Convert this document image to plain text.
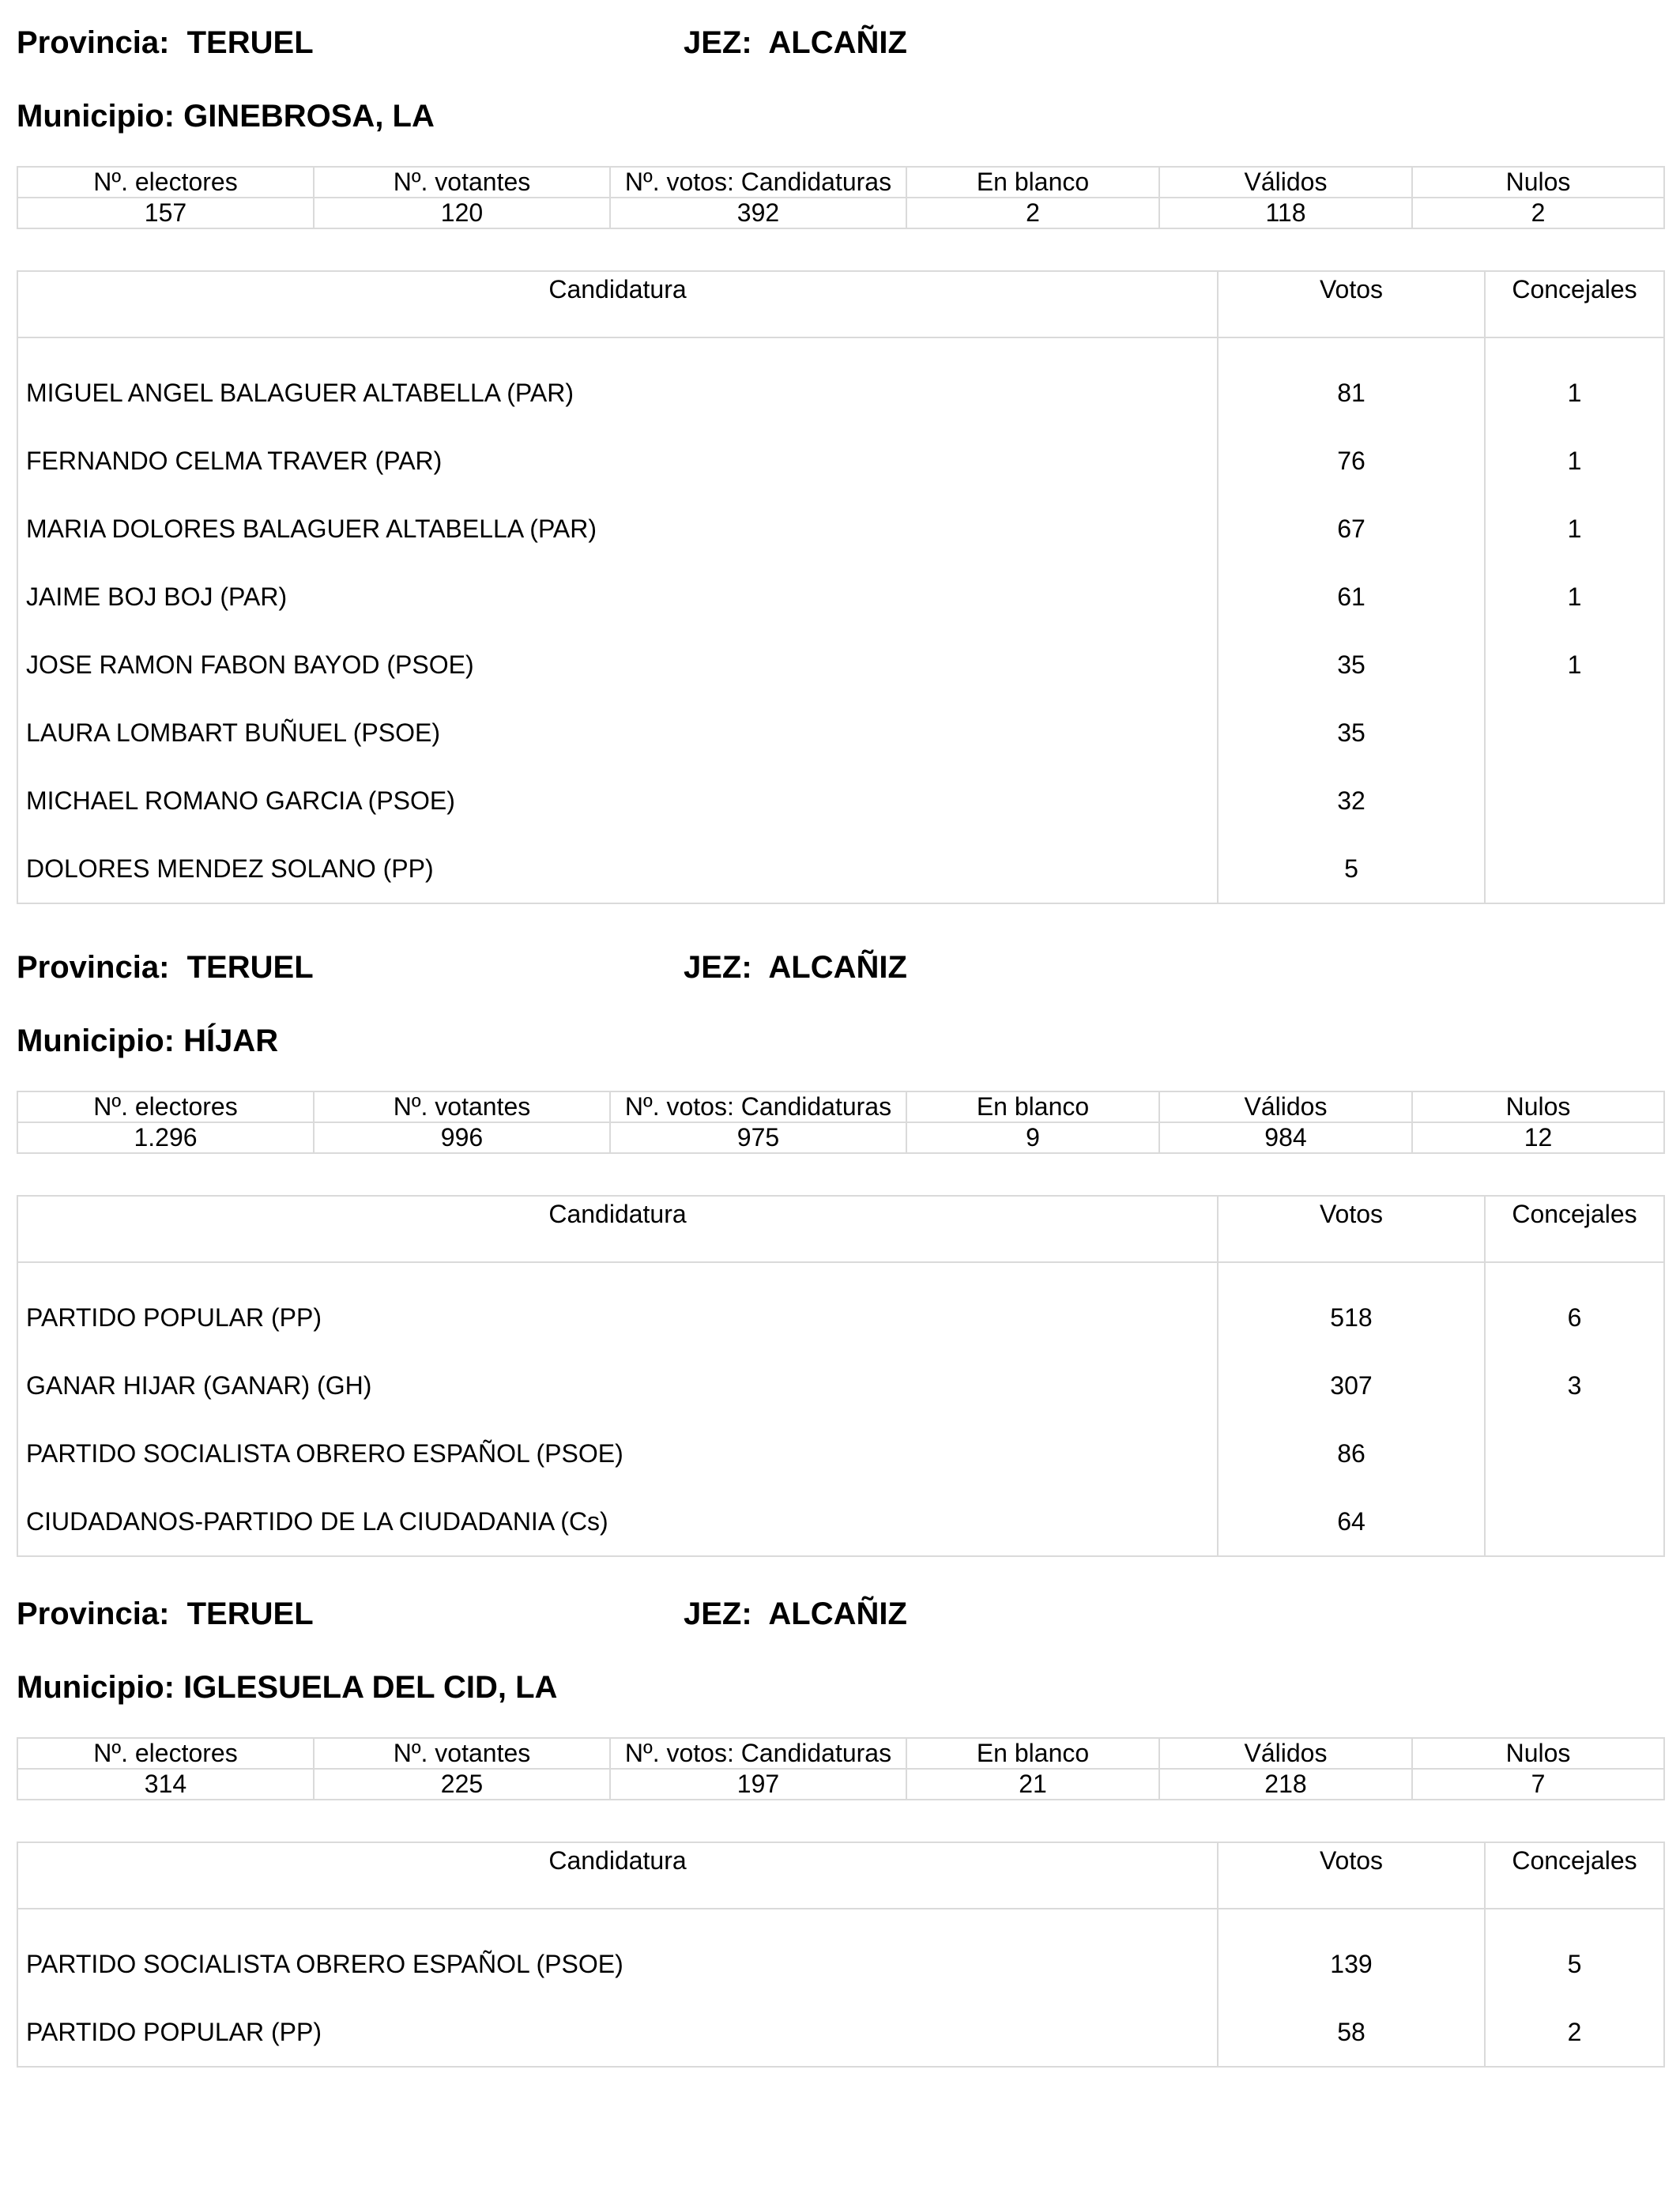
Provincia:  TERUEL	JEZ:  ALCAÑIZ
Municipio: GINEBROSA, LA
Nº. electores	Nº. votantes	Nº. votos: Candidaturas	En blanco	Válidos	Nulos
157	120	392	2	118	2
Candidatura	Votos	Concejales

MIGUEL ANGEL BALAGUER ALTABELLA (PAR)	81	1
FERNANDO CELMA TRAVER (PAR)	76	1
MARIA DOLORES BALAGUER ALTABELLA (PAR)	67	1
JAIME BOJ BOJ (PAR)	61	1
JOSE RAMON FABON BAYOD (PSOE)	35	1
LAURA LOMBART BUÑUEL (PSOE)	35	
MICHAEL ROMANO GARCIA (PSOE)	32	
DOLORES MENDEZ SOLANO (PP)	5	
Provincia:  TERUEL	JEZ:  ALCAÑIZ
Municipio: HÍJAR
Nº. electores	Nº. votantes	Nº. votos: Candidaturas	En blanco	Válidos	Nulos
1.296	996	975	9	984	12
Candidatura	Votos	Concejales

PARTIDO POPULAR (PP)	518	6
GANAR HIJAR (GANAR) (GH)	307	3
PARTIDO SOCIALISTA OBRERO ESPAÑOL (PSOE)	86	
CIUDADANOS-PARTIDO DE LA CIUDADANIA (Cs)	64	
Provincia:  TERUEL	JEZ:  ALCAÑIZ
Municipio: IGLESUELA DEL CID, LA
Nº. electores	Nº. votantes	Nº. votos: Candidaturas	En blanco	Válidos	Nulos
314	225	197	21	218	7
Candidatura	Votos	Concejales

PARTIDO SOCIALISTA OBRERO ESPAÑOL (PSOE)	139	5
PARTIDO POPULAR (PP)	58	2
